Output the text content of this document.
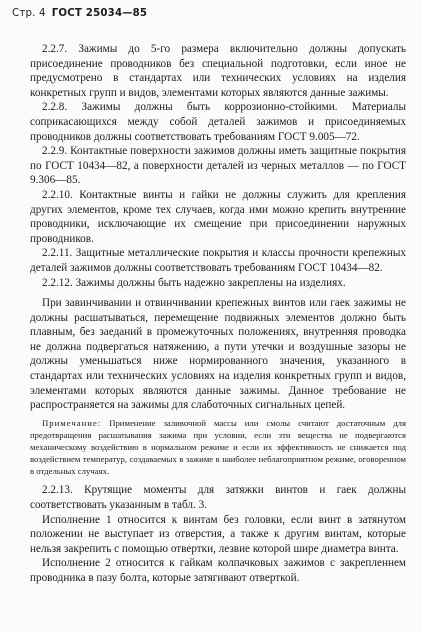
Стр. 4 ГОСТ 25034—85

2.2.7. Зажимы до 5-го размера включительно должны допускать присоединение проводников без специальной подготовки, если иное не предусмотрено в стандартах или технических условиях на изделия конкретных групп и видов, элементами которых являются данные зажимы.

2.2.8. Зажимы должны быть коррозионно-стойкими. Материалы соприкасающихся между собой деталей зажимов и присоединяемых проводников должны соответствовать требованиям ГОСТ 9.005—72.

2.2.9. Контактные поверхности зажимов должны иметь защитные покрытия по ГОСТ 10434—82, а поверхности деталей из черных металлов — по ГОСТ 9.306—85.

2.2.10. Контактные винты и гайки не должны служить для крепления других элементов, кроме тех случаев, когда ими можно крепить внутренние проводники, исключающие их смещение при присоединении наружных проводников.

2.2.11. Защитные металлические покрытия и классы прочности крепежных деталей зажимов должны соответствовать требованиям ГОСТ 10434—82.

2.2.12. Зажимы должны быть надежно закреплены на изделиях.

При завинчивании и отвинчивании крепежных винтов или гаек зажимы не должны расшатываться, перемещение подвижных элементов должно быть плавным, без заеданий в промежуточных положениях, внутренняя проводка не должна подвергаться натяжению, а пути утечки и воздушные зазоры не должны уменьшаться ниже нормированного значения, указанного в стандартах или технических условиях на изделия конкретных групп и видов, элементами которых являются данные зажимы. Данное требование не распространяется на зажимы для слаботочных сигнальных цепей.

Примечание: Применение заливочной массы или смолы считают достаточным для предотвращения расшатывания зажима при условии, если эти вещества не подвергаются механическому воздействию в нормальном режиме и если их эффективность не снижается под воздействием температур, создаваемых в зажиме в наиболее неблагоприятном режиме, оговоренном в отдельных случаях.

2.2.13. Крутящие моменты для затяжки винтов и гаек должны соответствовать указанным в табл. 3.

Исполнение 1 относится к винтам без головки, если винт в затянутом положении не выступает из отверстия, а также к другим винтам, которые нельзя закрепить с помощью отвертки, лезвие которой шире диаметра винта.

Исполнение 2 относится к гайкам колпачковых зажимов с закрепленнем проводника в пазу болта, которые затягивают отверткой.
